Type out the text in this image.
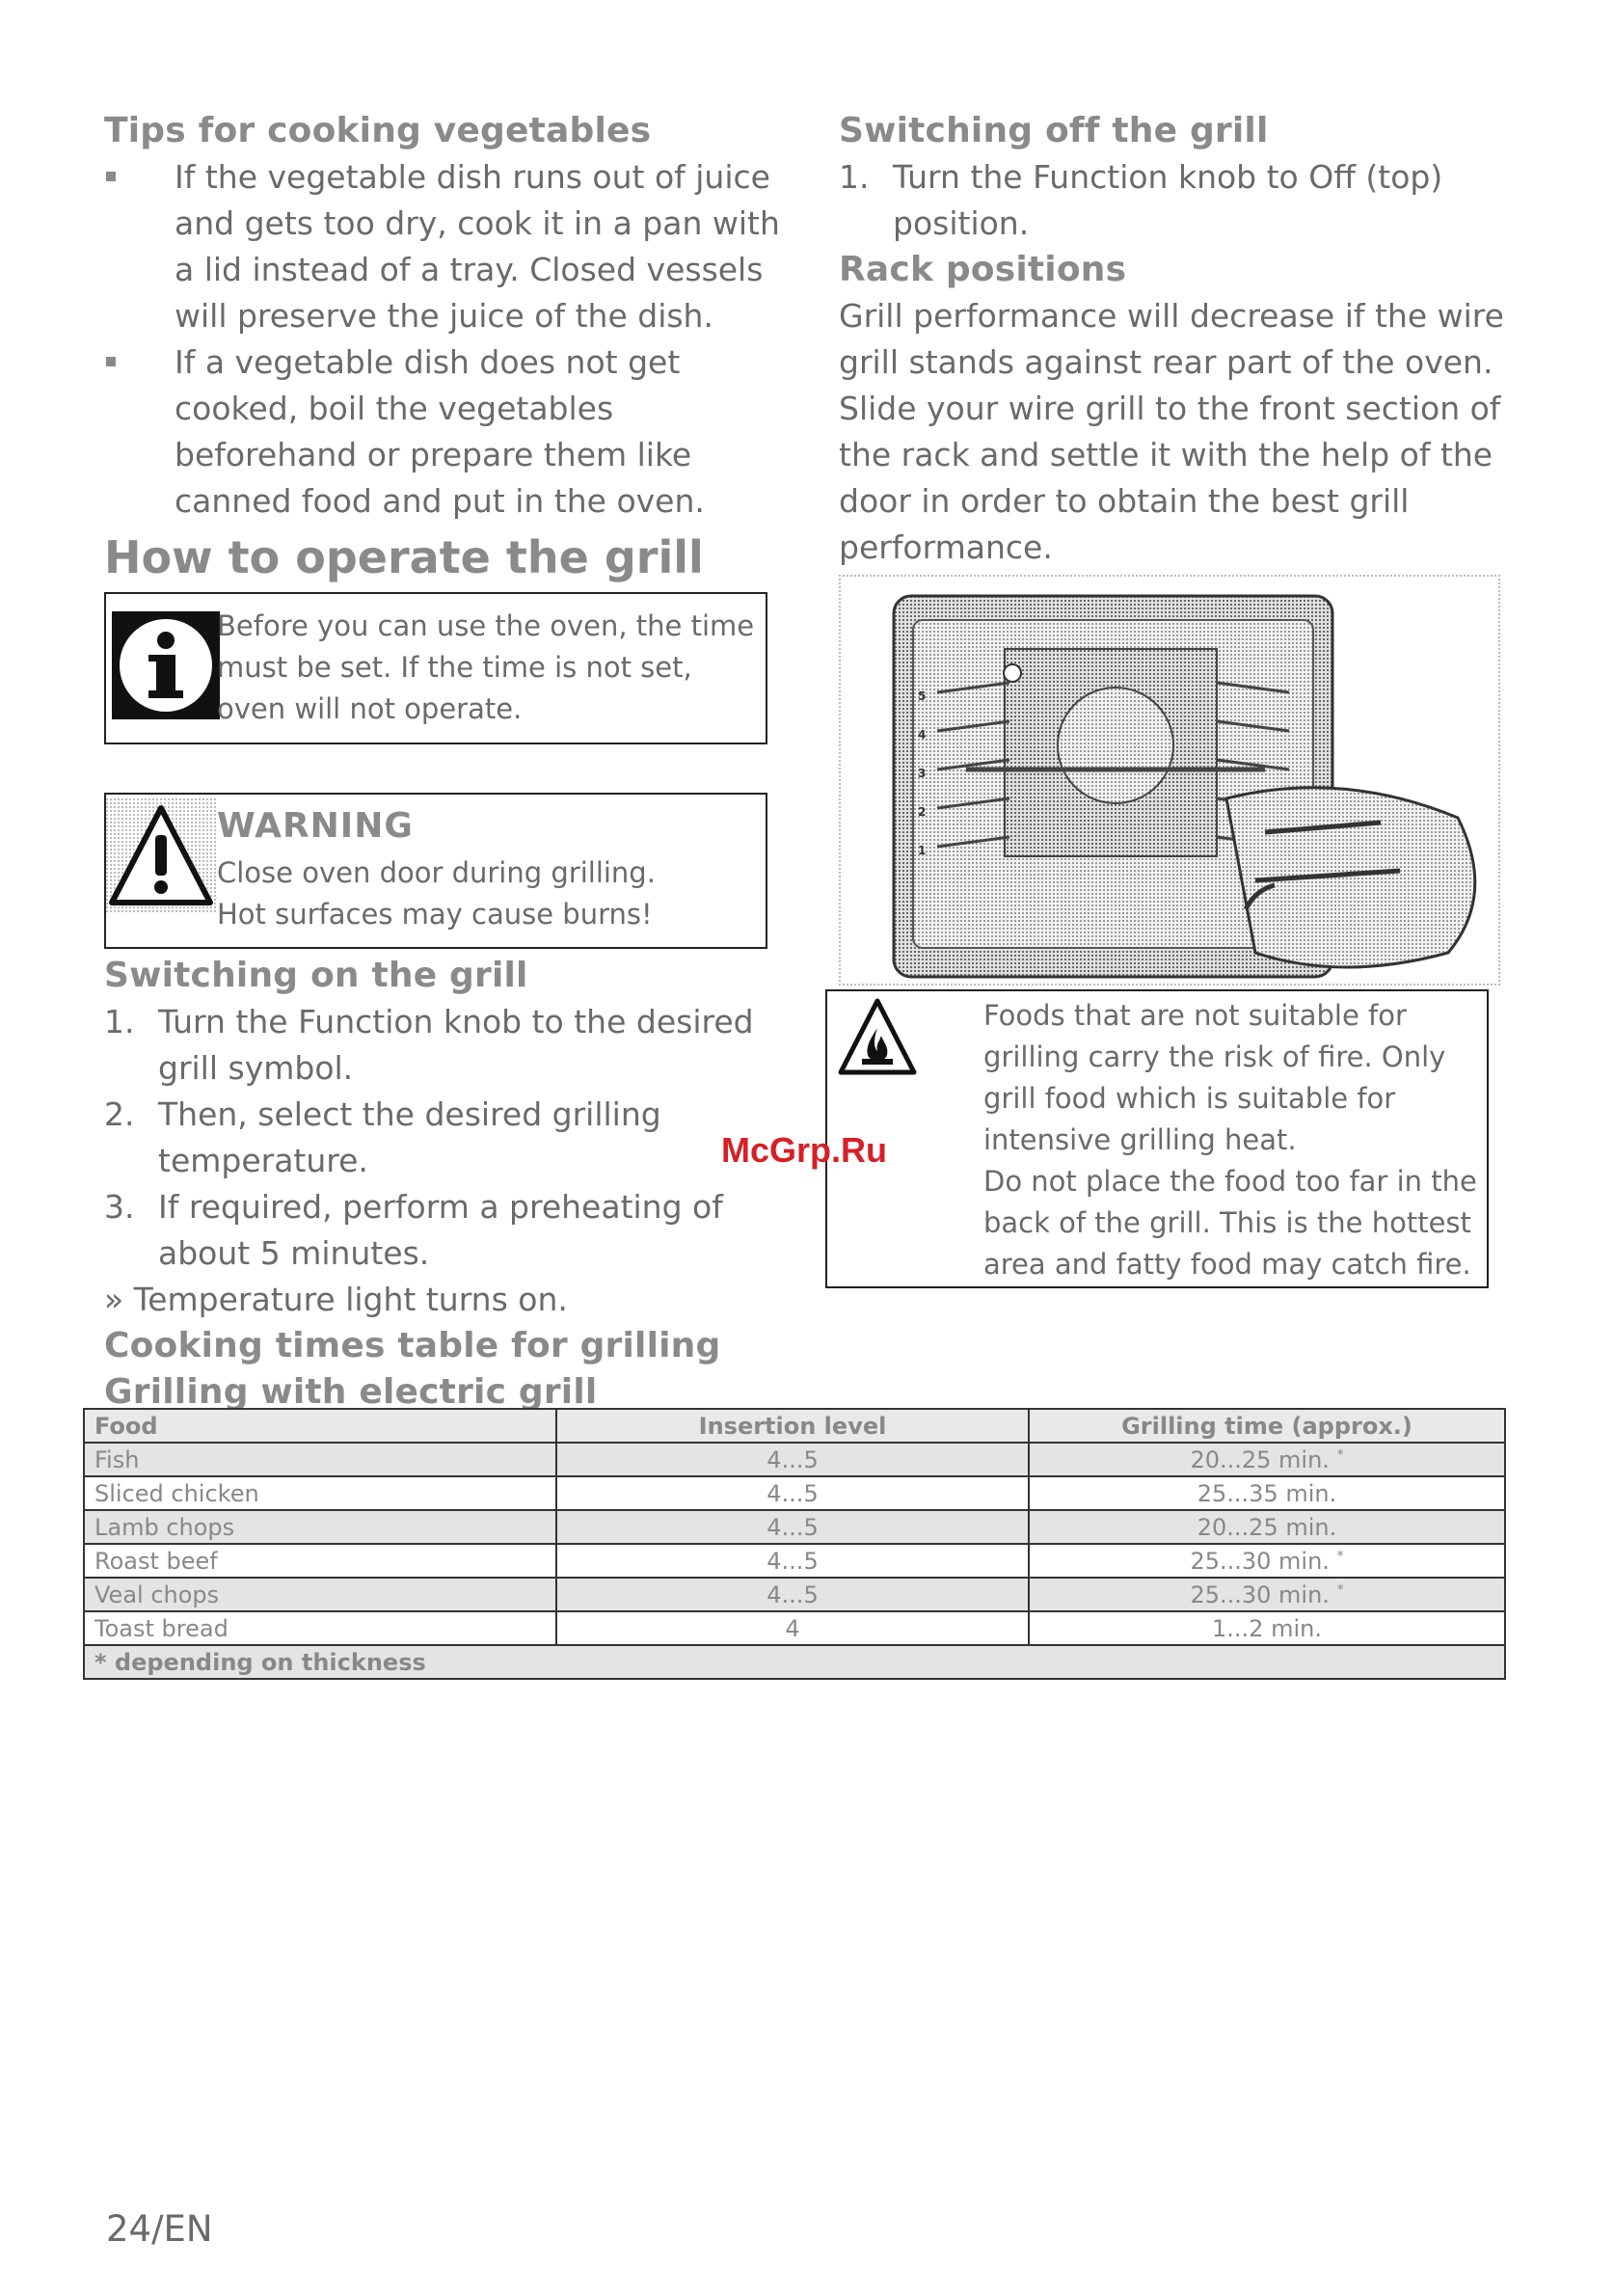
Tips for cooking vegetables
If the vegetable dish runs out of juice and gets too dry, cook it in a pan with a lid instead of a tray. Closed vessels will preserve the juice of the dish.
If a vegetable dish does not get cooked, boil the vegetables beforehand or prepare them like canned food and put in the oven.
How to operate the grill
Before you can use the oven, the time must be set. If the time is not set, oven will not operate.
WARNING
Close oven door during grilling.
Hot surfaces may cause burns!
Switching on the grill
1. Turn the Function knob to the desired grill symbol.
2. Then, select the desired grilling temperature.
3. If required, perform a preheating of about 5 minutes.

» Temperature light turns on.

Cooking times table for grilling
Grilling with electric grill
Switching off the grill
1. Turn the Function knob to Off (top) position.
Rack positions

Grill performance will decrease if the wire grill stands against rear part of the oven. Slide your wire grill to the front section of the rack and settle it with the help of the door in order to obtain the best grill performance.

5
4
3
2
1
Foods that are not suitable for grilling carry the risk of fire. Only grill food which is suitable for intensive grilling heat.
Do not place the food too far in the back of the grill. This is the hottest area and fatty food may catch fire.
McGrp.Ru
Food	Insertion level	Grilling time (approx.)
Fish	4...5	20...25 min. *
Sliced chicken	4...5	25...35 min.
Lamb chops	4...5	20...25 min.
Roast beef	4...5	25...30 min. *
Veal chops	4...5	25...30 min. *
Toast bread	4	1...2 min.
* depending on thickness		
24/EN
